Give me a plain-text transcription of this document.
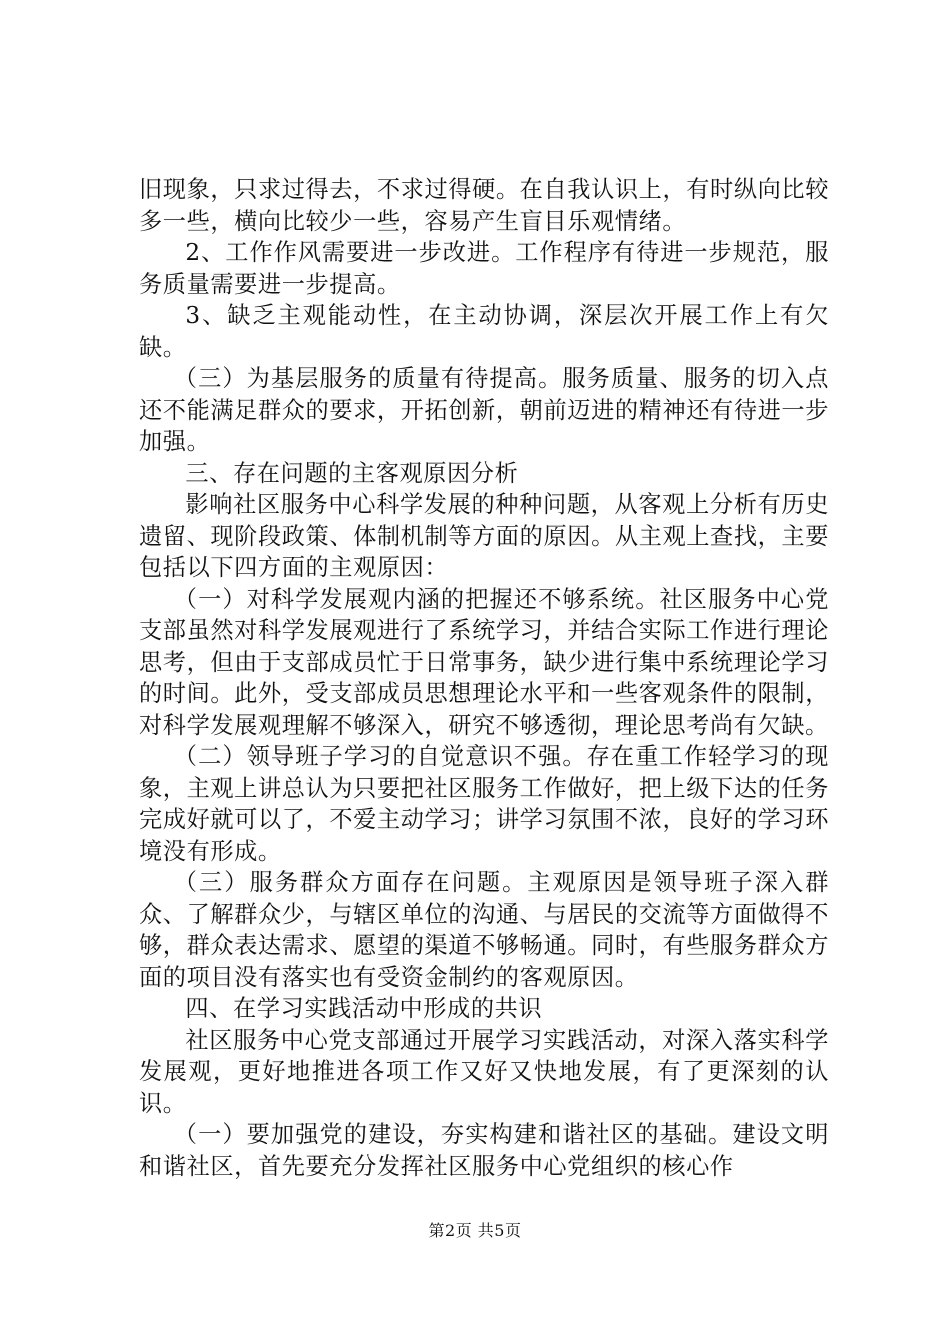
旧现象，只求过得去，不求过得硬。在自我认识上，有时纵向比较多一些，横向比较少一些，容易产生盲目乐观情绪。

2、工作作风需要进一步改进。工作程序有待进一步规范，服务质量需要进一步提高。

3、缺乏主观能动性，在主动协调，深层次开展工作上有欠缺。

（三）为基层服务的质量有待提高。服务质量、服务的切入点还不能满足群众的要求，开拓创新，朝前迈进的精神还有待进一步加强。

三、存在问题的主客观原因分析

影响社区服务中心科学发展的种种问题，从客观上分析有历史遗留、现阶段政策、体制机制等方面的原因。从主观上查找，主要包括以下四方面的主观原因：

（一）对科学发展观内涵的把握还不够系统。社区服务中心党支部虽然对科学发展观进行了系统学习，并结合实际工作进行理论思考，但由于支部成员忙于日常事务，缺少进行集中系统理论学习的时间。此外，受支部成员思想理论水平和一些客观条件的限制，对科学发展观理解不够深入，研究不够透彻，理论思考尚有欠缺。

（二）领导班子学习的自觉意识不强。存在重工作轻学习的现象，主观上讲总认为只要把社区服务工作做好，把上级下达的任务完成好就可以了，不爱主动学习；讲学习氛围不浓，良好的学习环境没有形成。

（三）服务群众方面存在问题。主观原因是领导班子深入群众、了解群众少，与辖区单位的沟通、与居民的交流等方面做得不够，群众表达需求、愿望的渠道不够畅通。同时，有些服务群众方面的项目没有落实也有受资金制约的客观原因。

四、在学习实践活动中形成的共识

社区服务中心党支部通过开展学习实践活动，对深入落实科学发展观，更好地推进各项工作又好又快地发展，有了更深刻的认识。

（一）要加强党的建设，夯实构建和谐社区的基础。建设文明和谐社区，首先要充分发挥社区服务中心党组织的核心作

第2页 共5页
